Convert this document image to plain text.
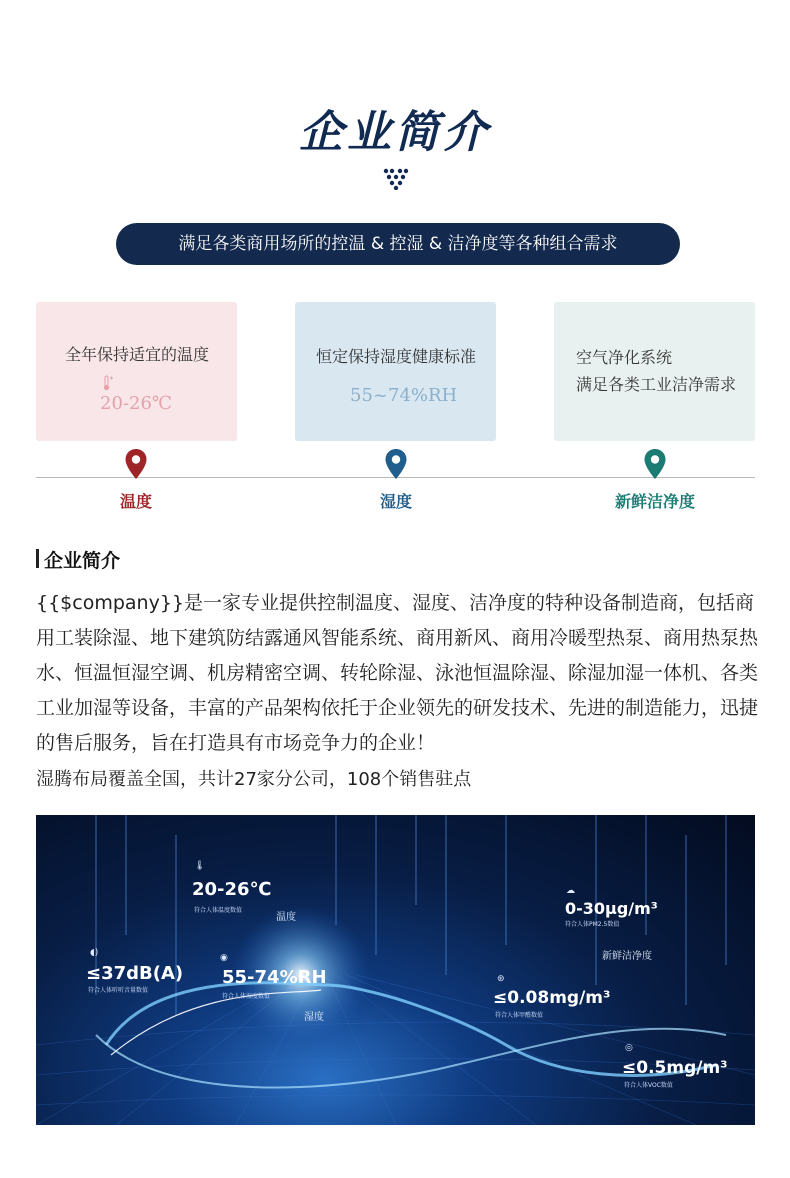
企业简介
满足各类商用场所的控温 & 控湿 & 洁净度等各种组合需求
全年保持适宜的温度
20-26℃
恒定保持湿度健康标准
55~74%RH
空气净化系统
满足各类工业洁净需求
温度	湿度	新鲜洁净度
企业简介
{{$company}}是一家专业提供控制温度、湿度、洁净度的特种设备制造商，包括商用工装除湿、地下建筑防结露通风智能系统、商用新风、商用冷暖型热泵、商用热泵热水、恒温恒湿空调、机房精密空调、转轮除湿、泳池恒温除湿、除湿加湿一体机、各类工业加湿等设备，丰富的产品架构依托于企业领先的研发技术、先进的制造能力，迅捷的售后服务，旨在打造具有市场竞争力的企业！
湿腾布局覆盖全国，共计27家分公司，108个销售驻点
🌡
20-26℃
符合人体温度数值
温度
◖)
≤37dB(A)
符合人体听听音量数值
◉
55-74%RH
符合人体湿度数值
湿度
☁
0-30μg/m³
符合人体PM2.5数值
新鲜洁净度
⊛
≤0.08mg/m³
符合人体甲醛数值
◎
≤0.5mg/m³
符合人体VOC数值
